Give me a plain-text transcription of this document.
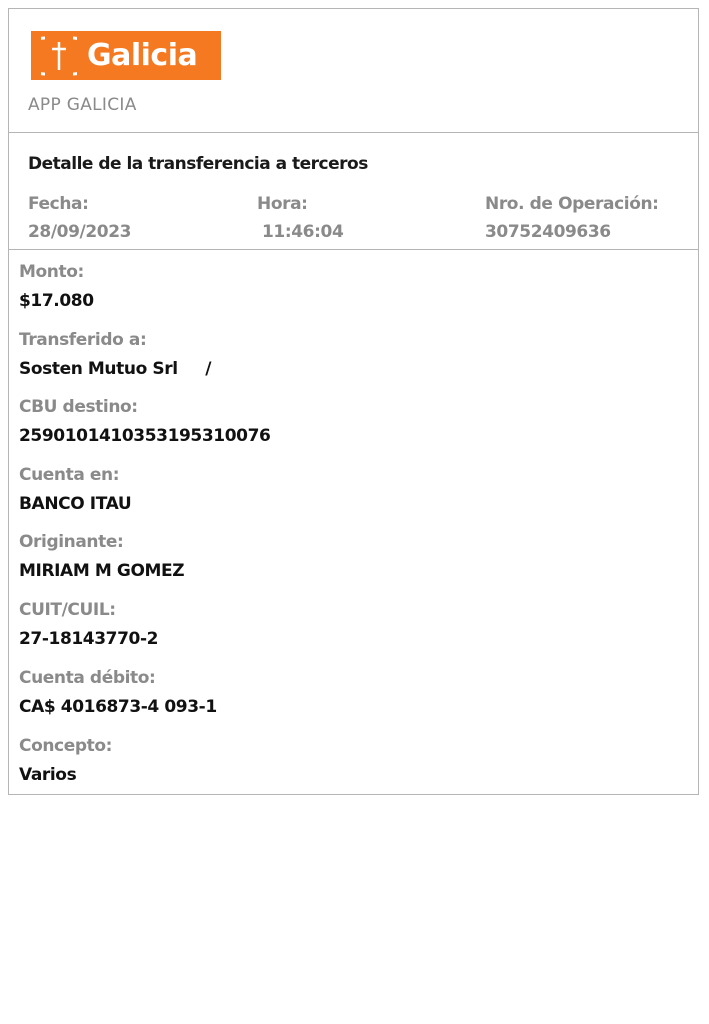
Galicia
APP GALICIA
Detalle de la transferencia a terceros
Fecha:
28/09/2023
Hora:
11:46:04
Nro. de Operación:
30752409636
Monto:
$17.080
Transferido a:
Sosten Mutuo Srl     /
CBU destino:
2590101410353195310076
Cuenta en:
BANCO ITAU
Originante:
MIRIAM M GOMEZ
CUIT/CUIL:
27-18143770-2
Cuenta débito:
CA$ 4016873-4 093-1
Concepto:
Varios
